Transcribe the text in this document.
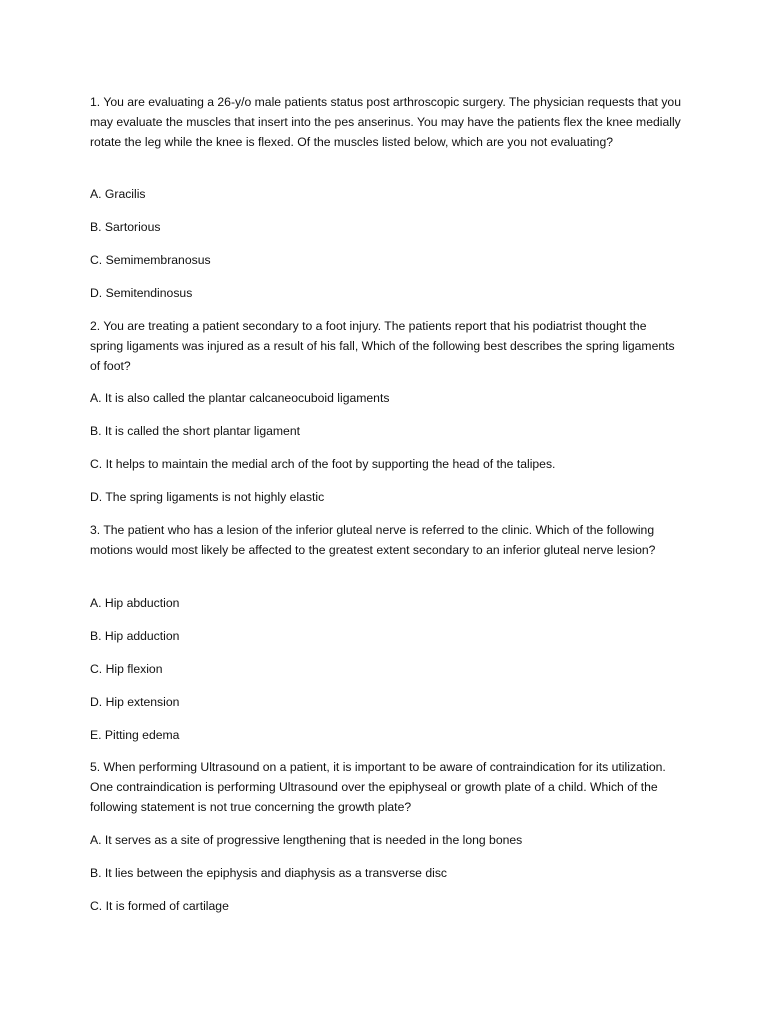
1. You are evaluating a 26-y/o male patients status post arthroscopic surgery. The physician requests that you may evaluate the muscles that insert into the pes anserinus. You may have the patients flex the knee medially rotate the leg while the knee is flexed. Of the muscles listed below, which are you not evaluating?

A. Gracilis

B. Sartorious

C. Semimembranosus

D. Semitendinosus

2. You are treating a patient secondary to a foot injury. The patients report that his podiatrist thought the spring ligaments was injured as a result of his fall, Which of the following best describes the spring ligaments of foot?

A. It is also called the plantar calcaneocuboid ligaments

B. It is called the short plantar ligament

C. It helps to maintain the medial arch of the foot by supporting the head of the talipes.

D. The spring ligaments is not highly elastic

3. The patient who has a lesion of the inferior gluteal nerve is referred to the clinic. Which of the following motions would most likely be affected to the greatest extent secondary to an inferior gluteal nerve lesion?

A. Hip abduction

B. Hip adduction

C. Hip flexion

D. Hip extension

E. Pitting edema

5. When performing Ultrasound on a patient, it is important to be aware of contraindication for its utilization. One contraindication is performing Ultrasound over the epiphyseal or growth plate of a child. Which of the following statement is not true concerning the growth plate?

A. It serves as a site of progressive lengthening that is needed in the long bones

B. It lies between the epiphysis and diaphysis as a transverse disc

C. It is formed of cartilage
